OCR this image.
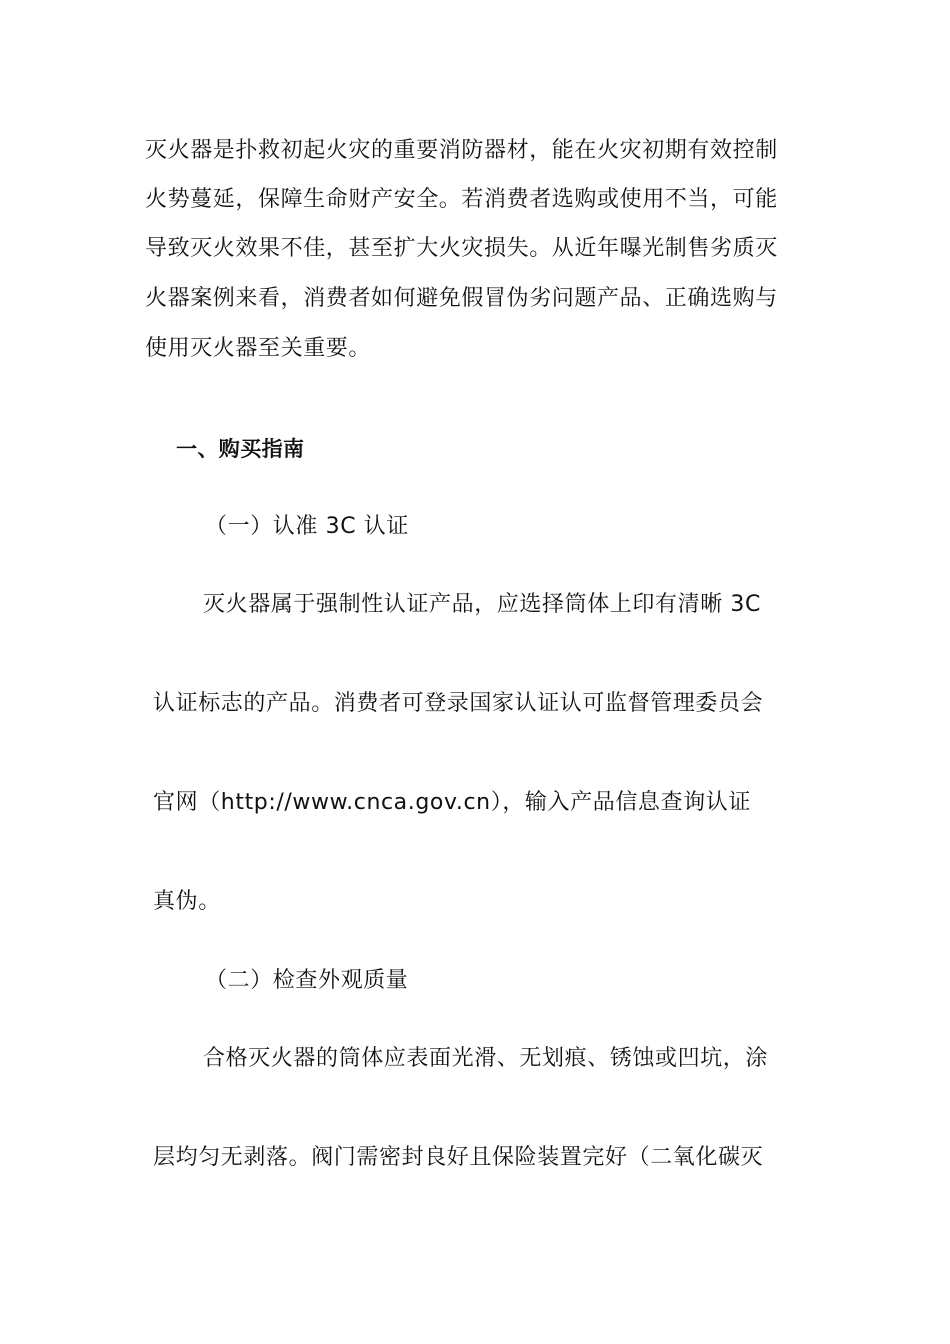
灭火器是扑救初起火灾的重要消防器材，能在火灾初期有效控制
火势蔓延，保障生命财产安全。若消费者选购或使用不当，可能
导致灭火效果不佳，甚至扩大火灾损失。从近年曝光制售劣质灭
火器案例来看，消费者如何避免假冒伪劣问题产品、正确选购与
使用灭火器至关重要。
一、购买指南
（一）认准 3C 认证
灭火器属于强制性认证产品，应选择筒体上印有清晰 3C
认证标志的产品。消费者可登录国家认证认可监督管理委员会
官网（http://www.cnca.gov.cn），输入产品信息查询认证
真伪。
（二）检查外观质量
合格灭火器的筒体应表面光滑、无划痕、锈蚀或凹坑，涂
层均匀无剥落。阀门需密封良好且保险装置完好（二氧化碳灭
